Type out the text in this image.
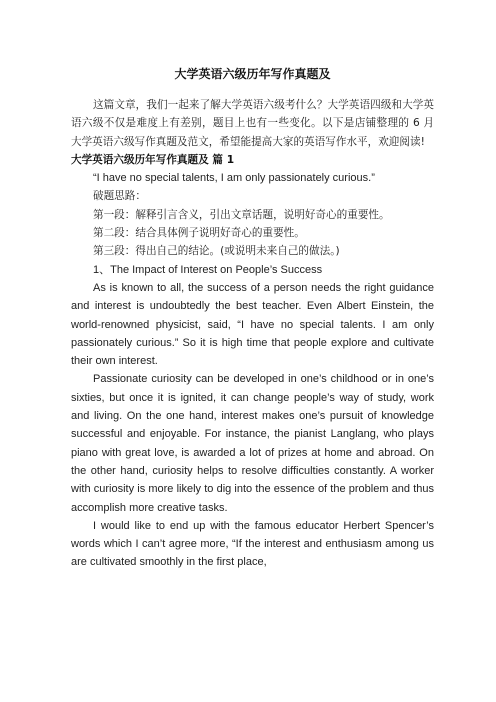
大学英语六级历年写作真题及

这篇文章，我们一起来了解大学英语六级考什么？大学英语四级和大学英语六级不仅是难度上有差别，题目上也有一些变化。以下是店铺整理的 6 月大学英语六级写作真题及范文，希望能提高大家的英语写作水平，欢迎阅读!

大学英语六级历年写作真题及 篇 1

“I have no special talents, I am only passionately curious.”

破题思路：

第一段：解释引言含义，引出文章话题，说明好奇心的重要性。

第二段：结合具体例子说明好奇心的重要性。

第三段：得出自己的结论。(或说明未来自己的做法。)

1、The Impact of Interest on People’s Success

As is known to all, the success of a person needs the right guidance and interest is undoubtedly the best teacher. Even Albert Einstein, the world-renowned physicist, said, “I have no special talents. I am only passionately curious.” So it is high time that people explore and cultivate their own interest.

Passionate curiosity can be developed in one’s childhood or in one’s sixties, but once it is ignited, it can change people’s way of study, work and living. On the one hand, interest makes one’s pursuit of knowledge successful and enjoyable. For instance, the pianist Langlang, who plays piano with great love, is awarded a lot of prizes at home and abroad. On the other hand, curiosity helps to resolve difficulties constantly. A worker with curiosity is more likely to dig into the essence of the problem and thus accomplish more creative tasks.

I would like to end up with the famous educator Herbert Spencer’s words which I can’t agree more, “If the interest and enthusiasm among us are cultivated smoothly in the first place,
